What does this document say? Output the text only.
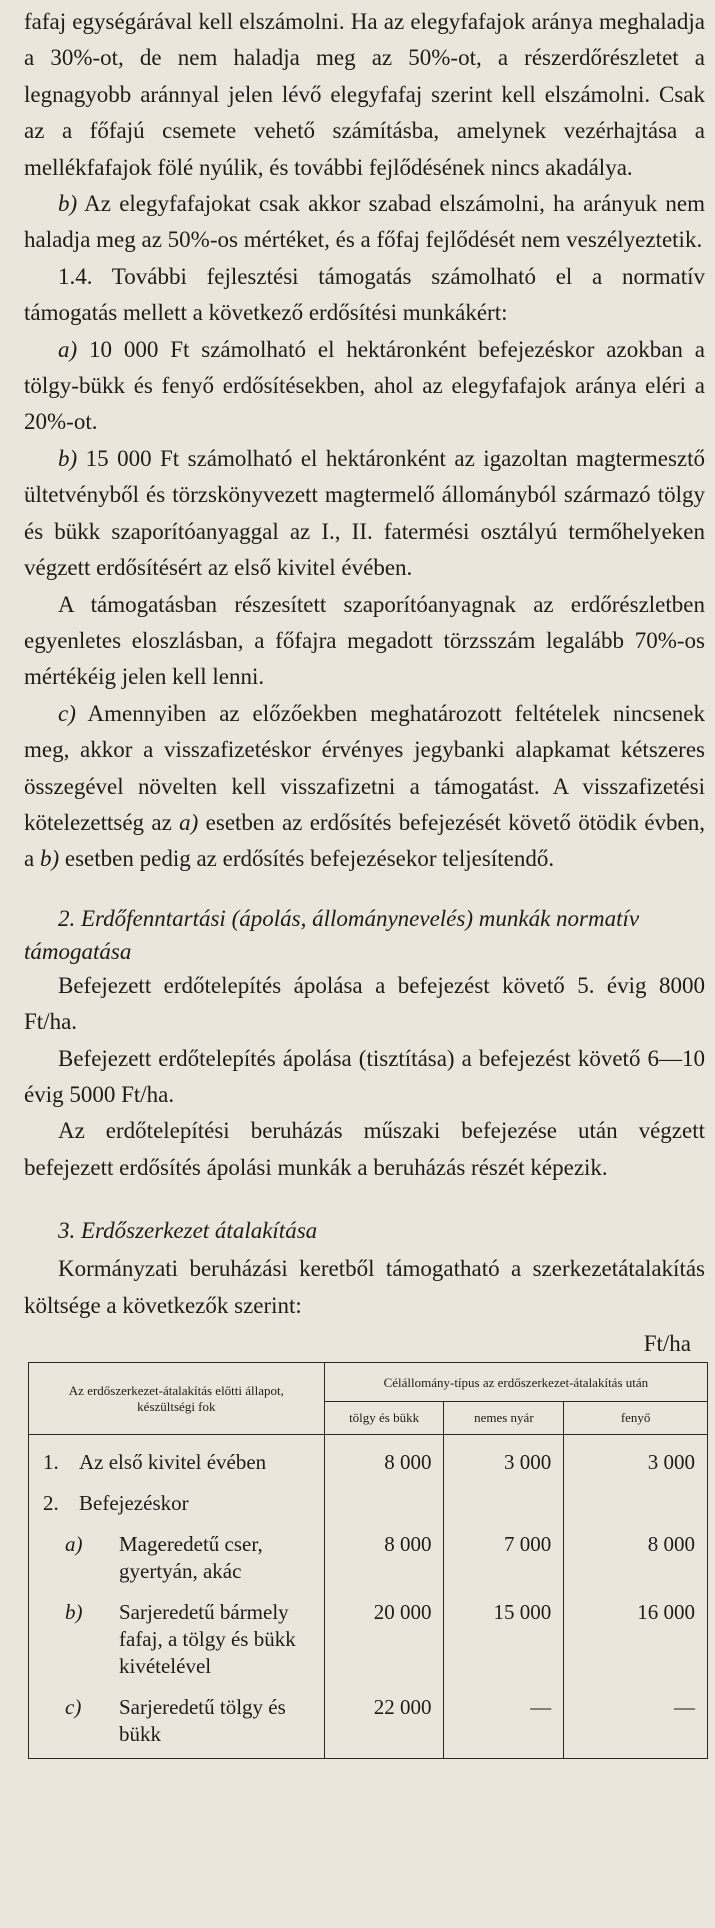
fafaj egységárával kell elszámolni. Ha az elegyfafajok aránya meghaladja a 30%-ot, de nem haladja meg az 50%-ot, a részerdőrészletet a legnagyobb aránnyal jelen lévő elegyfafaj szerint kell elszámolni. Csak az a főfajú csemete vehető számításba, amelynek vezérhajtása a mellékfafajok fölé nyúlik, és további fejlődésének nincs akadálya.

b) Az elegyfafajokat csak akkor szabad elszámolni, ha arányuk nem haladja meg az 50%-os mértéket, és a főfaj fejlődését nem veszélyeztetik.

1.4. További fejlesztési támogatás számolható el a normatív támogatás mellett a következő erdősítési munkákért:

a) 10 000 Ft számolható el hektáronként befejezéskor azokban a tölgy-bükk és fenyő erdősítésekben, ahol az elegyfafajok aránya eléri a 20%-ot.

b) 15 000 Ft számolható el hektáronként az igazoltan magtermesztő ültetvényből és törzskönyvezett magtermelő állományból származó tölgy és bükk szaporítóanyaggal az I., II. fatermési osztályú termőhelyeken végzett erdősítésért az első kivitel évében.

A támogatásban részesített szaporítóanyagnak az erdőrészletben egyenletes eloszlásban, a főfajra megadott törzsszám legalább 70%-os mértékéig jelen kell lenni.

c) Amennyiben az előzőekben meghatározott feltételek nincsenek meg, akkor a visszafizetéskor érvényes jegybanki alapkamat kétszeres összegével növelten kell visszafizetni a támogatást. A visszafizetési kötelezettség az a) esetben az erdősítés befejezését követő ötödik évben, a b) esetben pedig az erdősítés befejezésekor teljesítendő.

2. Erdőfenntartási (ápolás, állománynevelés) munkák normatív támogatása

Befejezett erdőtelepítés ápolása a befejezést követő 5. évig 8000 Ft/ha.

Befejezett erdőtelepítés ápolása (tisztítása) a befejezést követő 6—10 évig 5000 Ft/ha.

Az erdőtelepítési beruházás műszaki befejezése után végzett befejezett erdősítés ápolási munkák a beruházás részét képezik.

3. Erdőszerkezet átalakítása

Kormányzati beruházási keretből támogatható a szerkezetátalakítás költsége a következők szerint:

Ft/ha
Az erdőszerkezet-átalakítás előtti állapot, készültségi fok	Célállomány-típus az erdőszerkezet-átalakítás után		
	tölgy és bükk	nemes nyár	fenyő

1. Az első kivitel évében	8 000	3 000	3 000

2. Befejezéskor			

a) Mageredetű cser, gyertyán, akác	8 000	7 000	8 000

b) Sarjeredetű bármely fafaj, a tölgy és bükk kivételével	20 000	15 000	16 000

c) Sarjeredetű tölgy és bükk	22 000	—	—
